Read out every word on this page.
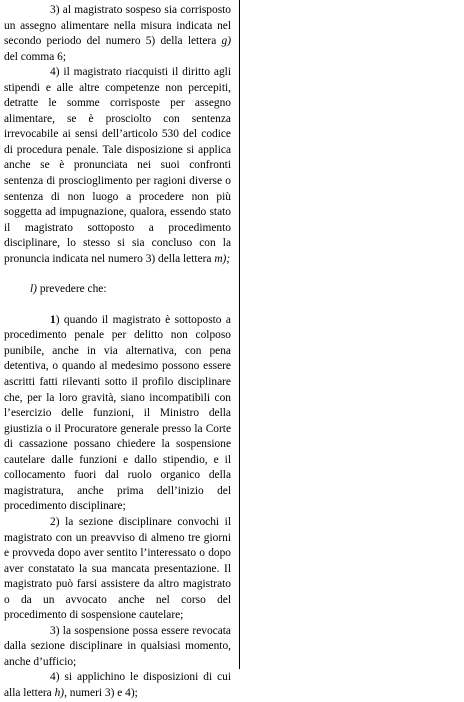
3) al magistrato sospeso sia corrisposto un assegno alimentare nella misura indicata nel secondo periodo del numero 5) della lettera g) del comma 6;

4) il magistrato riacquisti il diritto agli stipendi e alle altre competenze non percepiti, detratte le somme corrisposte per assegno alimentare, se è prosciolto con sentenza irrevocabile ai sensi dell’articolo 530 del codice di procedura penale. Tale disposizione si applica anche se è pronunciata nei suoi confronti sentenza di proscioglimento per ragioni diverse o sentenza di non luogo a procedere non più soggetta ad impugnazione, qualora, essendo stato il magistrato sottoposto a procedimento disciplinare, lo stesso si sia concluso con la pronuncia indicata nel numero 3) della lettera m);

l) prevedere che:

1) quando il magistrato è sottoposto a procedimento penale per delitto non colposo punibile, anche in via alternativa, con pena detentiva, o quando al medesimo possono essere ascritti fatti rilevanti sotto il profilo disciplinare che, per la loro gravità, siano incompatibili con l’esercizio delle funzioni, il Ministro della giustizia o il Procuratore generale presso la Corte di cassazione possano chiedere la sospensione cautelare dalle funzioni e dallo stipendio, e il collocamento fuori dal ruolo organico della magistratura, anche prima dell’inizio del procedimento disciplinare;

2) la sezione disciplinare convochi il magistrato con un preavviso di almeno tre giorni e provveda dopo aver sentito l’interessato o dopo aver constatato la sua mancata presentazione. Il magistrato può farsi assistere da altro magistrato o da un avvocato anche nel corso del procedimento di sospensione cautelare;

3) la sospensione possa essere revocata dalla sezione disciplinare in qualsiasi momento, anche d’ufficio;

4) si applichino le disposizioni di cui alla lettera h), numeri 3) e 4);
